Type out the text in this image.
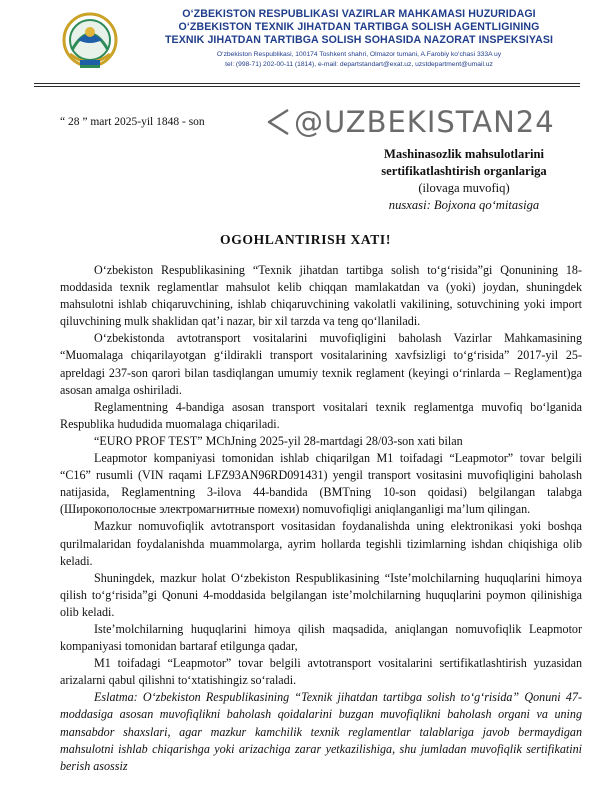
O‘ZBEKISTON RESPUBLIKASI VAZIRLAR MAHKAMASI HUZURIDAGI
O‘ZBEKISTON TEXNIK JIHATDAN TARTIBGA SOLISH AGENTLIGINING
TEXNIK JIHATDAN TARTIBGA SOLISH SOHASIDA NAZORAT INSPEKSIYASI
O‘zbekiston Respublikasi, 100174 Toshkent shahri, Olmazor tumani, A.Farobiy ko‘chasi 333A uy
tel: (998-71) 202-00-11 (1814), e-mail: departstandart@exat.uz, uzstdepartment@umail.uz
“ 28 ” mart 2025-yil 1848 - son	@UZBEKISTAN24
Mashinasozlik mahsulotlarini
sertifikatlashtirish organlariga
(ilovaga muvofiq)
nusxasi: Bojxona qo‘mitasiga
OGOHLANTIRISH XATI!

O‘zbekiston Respublikasining “Texnik jihatdan tartibga solish to‘g‘risida”gi Qonunining 18-moddasida texnik reglamentlar mahsulot kelib chiqqan mamlakatdan va (yoki) joydan, shuningdek mahsulotni ishlab chiqaruvchining, ishlab chiqaruvchining vakolatli vakilining, sotuvchining yoki import qiluvchining mulk shaklidan qat’i nazar, bir xil tarzda va teng qo‘llaniladi.

O‘zbekistonda avtotransport vositalarini muvofiqligini baholash Vazirlar Mahkamasining “Muomalaga chiqarilayotgan g‘ildirakli transport vositalarining xavfsizligi to‘g‘risida” 2017-yil 25-apreldagi 237-son qarori bilan tasdiqlangan umumiy texnik reglament (keyingi o‘rinlarda – Reglament)ga asosan amalga oshiriladi.

Reglamentning 4-bandiga asosan transport vositalari texnik reglamentga muvofiq bo‘lganida Respublika hududida muomalaga chiqariladi.

“EURO PROF TEST” MChJning 2025-yil 28-martdagi 28/03-son xati bilan

Leapmotor kompaniyasi tomonidan ishlab chiqarilgan M1 toifadagi “Leapmotor” tovar belgili “C16” rusumli (VIN raqami LFZ93AN96RD091431) yengil transport vositasini muvofiqligini baholash natijasida, Reglamentning 3-ilova 44-bandida (BMTning 10-son qoidasi) belgilangan talabga (Широкополосные электромагнитные помехи) nomuvofiqligi aniqlanganligi ma’lum qilingan.

Mazkur nomuvofiqlik avtotransport vositasidan foydanalishda uning elektronikasi yoki boshqa qurilmalaridan foydalanishda muammolarga, ayrim hollarda tegishli tizimlarning ishdan chiqishiga olib keladi.

Shuningdek, mazkur holat O‘zbekiston Respublikasining “Iste’molchilarning huquqlarini himoya qilish to‘g‘risida”gi Qonuni 4-moddasida belgilangan iste’molchilarning huquqlarini poymon qilinishiga olib keladi.

Iste’molchilarning huquqlarini himoya qilish maqsadida, aniqlangan nomuvofiqlik Leapmotor kompaniyasi tomonidan bartaraf etilgunga qadar,

M1 toifadagi “Leapmotor” tovar belgili avtotransport vositalarini sertifikatlashtirish yuzasidan arizalarni qabul qilishni to‘xtatishingiz so‘raladi.

Eslatma: O‘zbekiston Respublikasining “Texnik jihatdan tartibga solish to‘g‘risida” Qonuni 47-moddasiga asosan muvofiqlikni baholash qoidalarini buzgan muvofiqlikni baholash organi va uning mansabdor shaxslari, agar mazkur kamchilik texnik reglamentlar talablariga javob bermaydigan mahsulotni ishlab chiqarishga yoki arizachiga zarar yetkazilishiga, shu jumladan muvofiqlik sertifikatini berish asossiz
